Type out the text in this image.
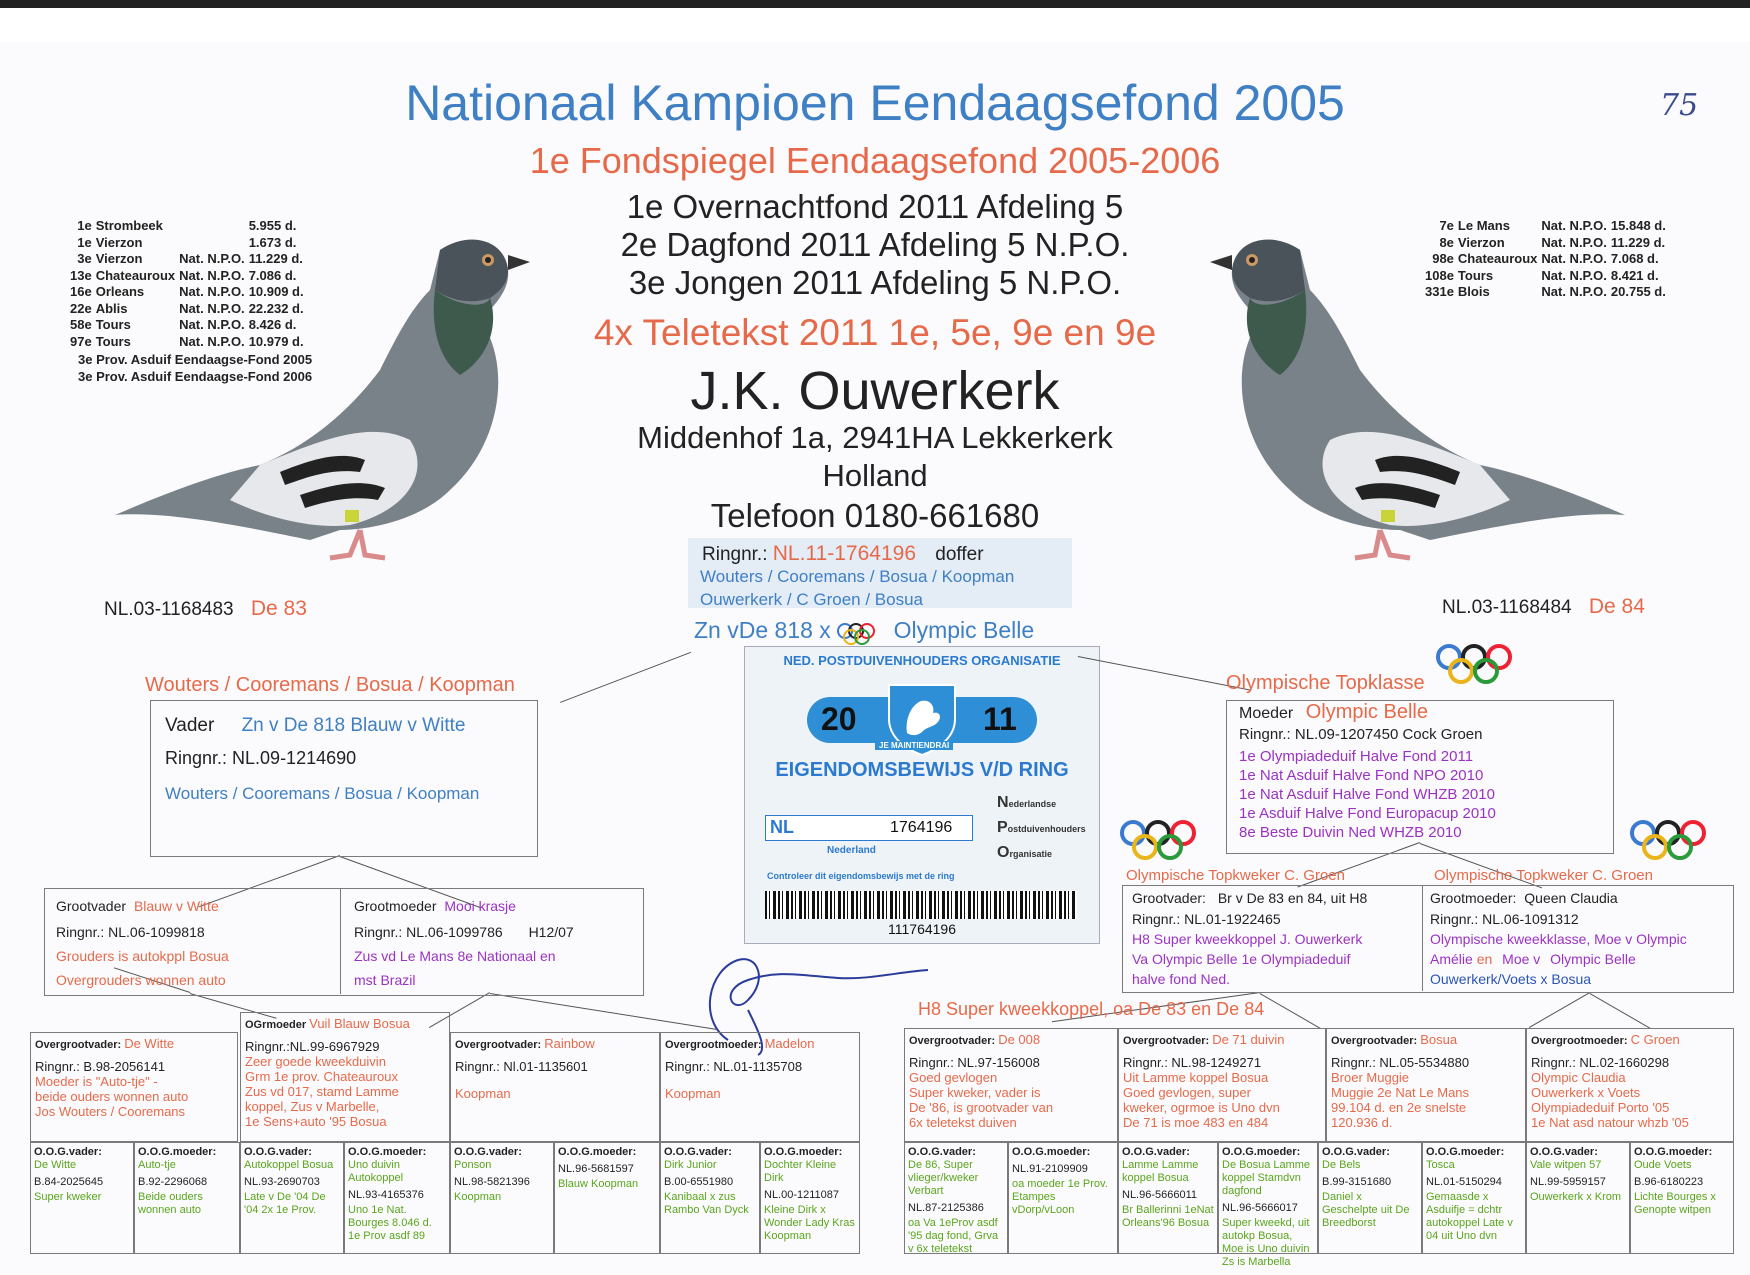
Nationaal Kampioen Eendaagsefond 2005
1e Fondspiegel Eendaagsefond 2005-2006
1e Overnachtfond 2011 Afdeling 5
2e Dagfond 2011 Afdeling 5 N.P.O.
3e Jongen 2011 Afdeling 5 N.P.O.
4x Teletekst 2011 1e, 5e, 9e en 9e
J.K. Ouwerkerk
Middenhof 1a, 2941HA Lekkerkerk
Holland
Telefoon 0180-661680
75
1e	Strombeek		5.955 d.
1e	Vierzon		1.673 d.
3e	Vierzon	Nat. N.P.O.	11.229 d.
13e	Chateauroux	Nat. N.P.O.	7.086 d.
16e	Orleans	Nat. N.P.O.	10.909 d.
22e	Ablis	Nat. N.P.O.	22.232 d.
58e	Tours	Nat. N.P.O.	8.426 d.
97e	Tours	Nat. N.P.O.	10.979 d.
3e Prov. Asduif Eendaagse-Fond 2005
3e Prov. Asduif Eendaagse-Fond 2006
7e	Le Mans	Nat. N.P.O.	15.848 d.
8e	Vierzon	Nat. N.P.O.	11.229 d.
98e	Chateauroux	Nat. N.P.O.	7.068 d.
108e	Tours	Nat. N.P.O.	8.421 d.
331e	Blois	Nat. N.P.O.	20.755 d.
NL.03-1168483 De 83	NL.03-1168484 De 84
Ringnr.: NL.11-1764196 doffer
Wouters / Cooremans / Bosua / Koopman
Ouwerkerk / C Groen / Bosua
Zn vDe 818 x	Olympic Belle
NED. POSTDUIVENHOUDERS ORGANISATIE
20	11
JE MAINTIENDRAI
EIGENDOMSBEWIJS V/D RING
NL	1764196
Nederland
Nederlandse
Postduivenhouders
Organisatie
Controleer dit eigendomsbewijs met de ring
111764196
Wouters / Cooremans / Bosua / Koopman
Vader Zn v De 818 Blauw v Witte
Ringnr.: NL.09-1214690
Wouters / Cooremans / Bosua / Koopman
Olympische Topklasse
Moeder Olympic Belle
Ringnr.: NL.09-1207450 Cock Groen
1e Olympiadeduif Halve Fond 2011
1e Nat Asduif Halve Fond NPO 2010
1e Nat Asduif Halve Fond WHZB 2010
1e Asduif Halve Fond Europacup 2010
8e Beste Duivin Ned WHZB 2010
Grootvader Blauw v Witte
Ringnr.: NL.06-1099818
Grouders is autokppl Bosua
Overgrouders wonnen auto
Grootmoeder Mooi krasje
Ringnr.: NL.06-1099786 H12/07
Zus vd Le Mans 8e Nationaal en
mst Brazil
Olympische Topkweker C. Groen	Olympische Topkweker C. Groen
Grootvader: Br v De 83 en 84, uit H8
Ringnr.: NL.01-1922465
H8 Super kweekkoppel J. Ouwerkerk
Va Olympic Belle 1e Olympiadeduif
halve fond Ned.
Grootmoeder: Queen Claudia
Ringnr.: NL.06-1091312
Olympische kweekklasse, Moe v Olympic
Amélie en Moe v Olympic Belle
Ouwerkerk/Voets x Bosua
H8 Super kweekkoppel, oa De 83 en De 84
Overgrootvader: De Witte
Ringnr.: B.98-2056141
Moeder is "Auto-tje" -
beide ouders wonnen auto
Jos Wouters / Cooremans
OGrmoeder Vuil Blauw Bosua
Ringnr.:NL.99-6967929
Zeer goede kweekduivin
Grm 1e prov. Chateauroux
Zus vd 017, stamd Lamme
koppel, Zus v Marbelle,
1e Sens+auto '95 Bosua
Overgrootvader: Rainbow
Ringnr.: Nl.01-1135601
Koopman
Overgrootmoeder: Madelon
Ringnr.: NL.01-1135708
Koopman
Overgrootvader: De 008
Ringnr.: NL.97-156008
Goed gevlogen
Super kweker, vader is
De '86, is grootvader van
6x teletekst duiven
Overgrootvader: De 71 duivin
Ringnr.: NL.98-1249271
Uit Lamme koppel Bosua
Goed gevlogen, super
kweker, ogrmoe is Uno dvn
De 71 is moe 483 en 484
Overgrootvader: Bosua
Ringnr.: NL.05-5534880
Broer Muggie
Muggie 2e Nat Le Mans
99.104 d. en 2e snelste
120.936 d.
Overgrootmoeder: C Groen
Ringnr.: NL.02-1660298
Olympic Claudia
Ouwerkerk x Voets
Olympiadeduif Porto '05
1e Nat asd natour whzb '05
O.O.G.vader:
De Witte
B.84-2025645
Super kweker
O.O.G.moeder:
Auto-tje
B.92-2296068
Beide ouders wonnen auto
O.O.G.vader:
Autokoppel Bosua
NL.93-2690703
Late v De '04 De '04 2x 1e Prov.
O.O.G.moeder:
Uno duivin Autokoppel
NL.93-4165376
Uno 1e Nat. Bourges 8.046 d. 1e Prov asdf 89
O.O.G.vader:
Ponson
NL.98-5821396
Koopman
O.O.G.moeder:
NL.96-5681597
Blauw Koopman
O.O.G.vader:
Dirk Junior
B.00-6551980
Kanibaal x zus Rambo Van Dyck
O.O.G.moeder:
Dochter Kleine Dirk
NL.00-1211087
Kleine Dirk x Wonder Lady Kras Koopman
O.O.G.vader:
De 86, Super vlieger/kweker Verbart
NL.87-2125386
oa Va 1eProv asdf '95 dag fond, Grva v 6x teletekst
O.O.G.moeder:
NL.91-2109909
oa moeder 1e Prov. Etampes vDorp/vLoon
O.O.G.vader:
Lamme Lamme koppel Bosua
NL.96-5666011
Br Ballerinni 1eNat Orleans'96 Bosua
O.O.G.moeder:
De Bosua Lamme koppel Stamdvn dagfond
NL.96-5666017
Super kweekd, uit autokp Bosua, Moe is Uno duivin Zs is Marbella
O.O.G.vader:
De Bels
B.99-3151680
Daniel x Geschelpte uit De Breedborst
O.O.G.moeder:
Tosca
NL.01-5150294
Gemaasde x Asduifje = dchtr autokoppel Late v 04 uit Uno dvn
O.O.G.vader:
Vale witpen 57
NL.99-5959157
Ouwerkerk x Krom
O.O.G.moeder:
Oude Voets
B.96-6180223
Lichte Bourges x Genopte witpen
